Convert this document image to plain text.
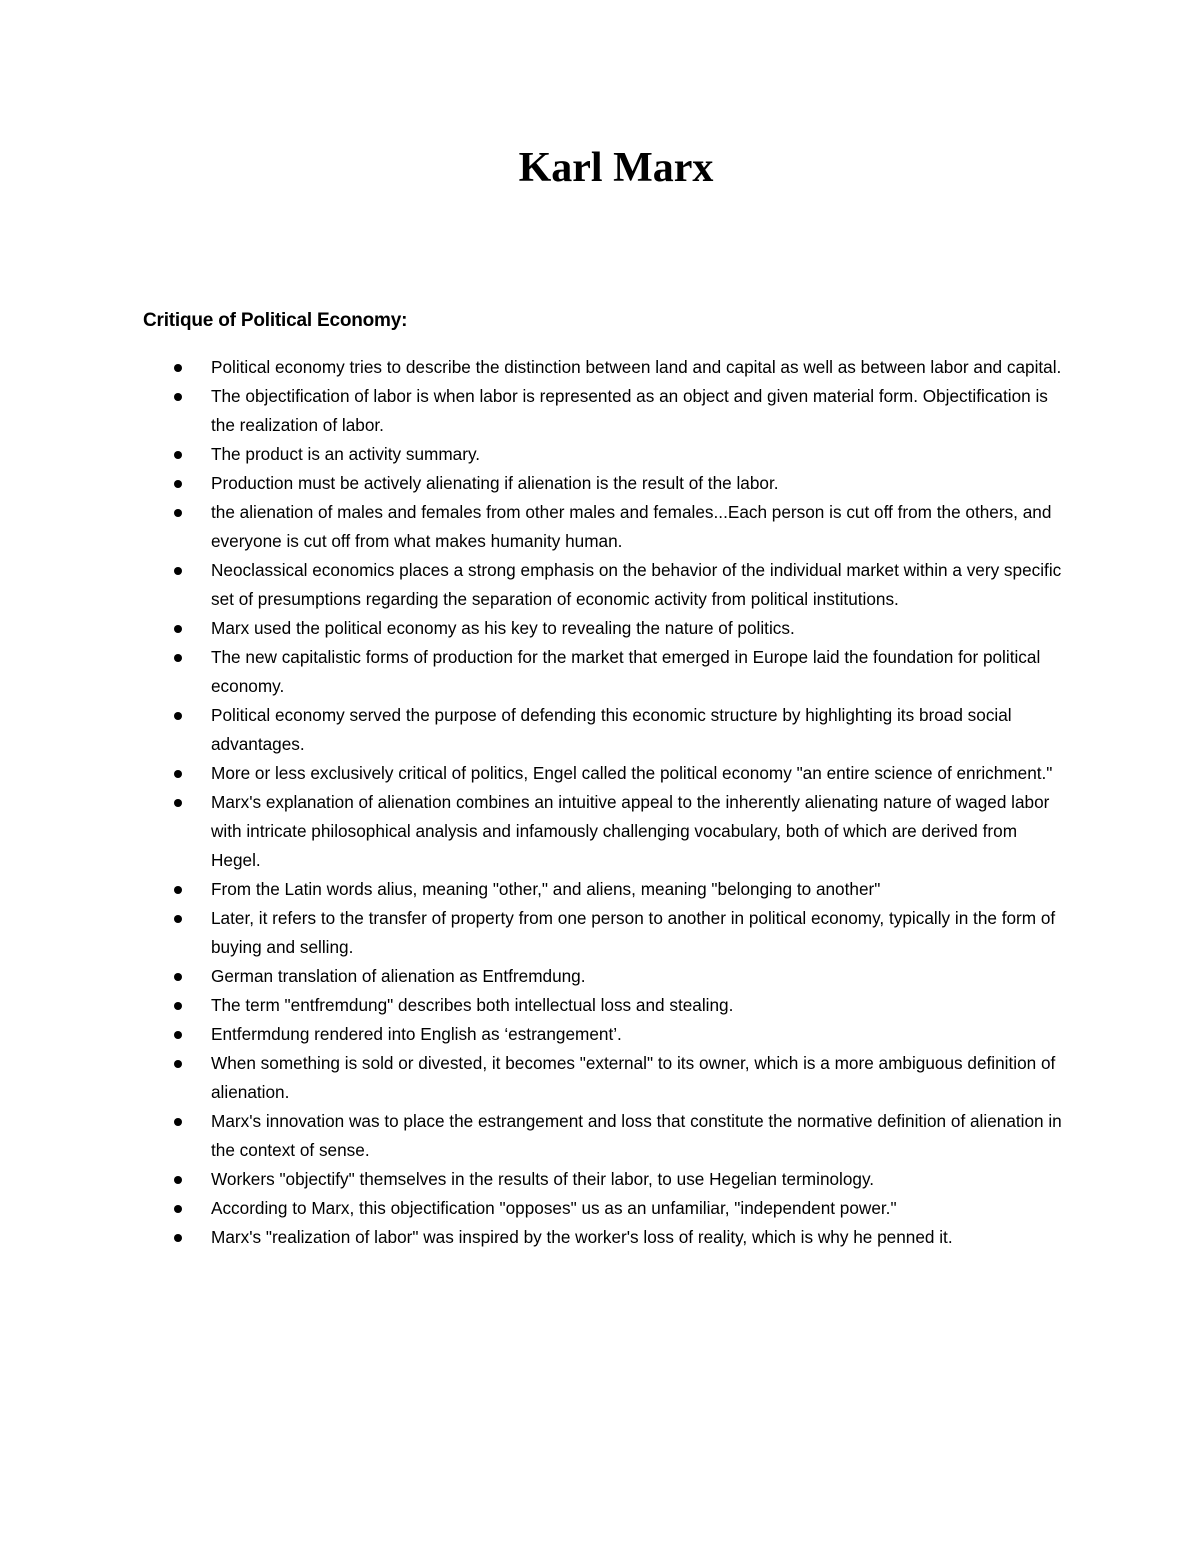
Karl Marx
Critique of Political Economy:
Political economy tries to describe the distinction between land and capital as well as between labor and capital.
The objectification of labor is when labor is represented as an object and given material form. Objectification is the realization of labor.
The product is an activity summary.
Production must be actively alienating if alienation is the result of the labor.
the alienation of males and females from other males and females...Each person is cut off from the others, and everyone is cut off from what makes humanity human.
Neoclassical economics places a strong emphasis on the behavior of the individual market within a very specific set of presumptions regarding the separation of economic activity from political institutions.
Marx used the political economy as his key to revealing the nature of politics.
The new capitalistic forms of production for the market that emerged in Europe laid the foundation for political economy.
Political economy served the purpose of defending this economic structure by highlighting its broad social advantages.
More or less exclusively critical of politics, Engel called the political economy "an entire science of enrichment."
Marx's explanation of alienation combines an intuitive appeal to the inherently alienating nature of waged labor with intricate philosophical analysis and infamously challenging vocabulary, both of which are derived from Hegel.
From the Latin words alius, meaning "other," and aliens, meaning "belonging to another"
Later, it refers to the transfer of property from one person to another in political economy, typically in the form of buying and selling.
German translation of alienation as Entfremdung.
The term "entfremdung" describes both intellectual loss and stealing.
Entfermdung rendered into English as ‘estrangement’.
When something is sold or divested, it becomes "external" to its owner, which is a more ambiguous definition of alienation.
Marx's innovation was to place the estrangement and loss that constitute the normative definition of alienation in the context of sense.
Workers "objectify" themselves in the results of their labor, to use Hegelian terminology.
According to Marx, this objectification "opposes" us as an unfamiliar, "independent power."
Marx's "realization of labor" was inspired by the worker's loss of reality, which is why he penned it.
